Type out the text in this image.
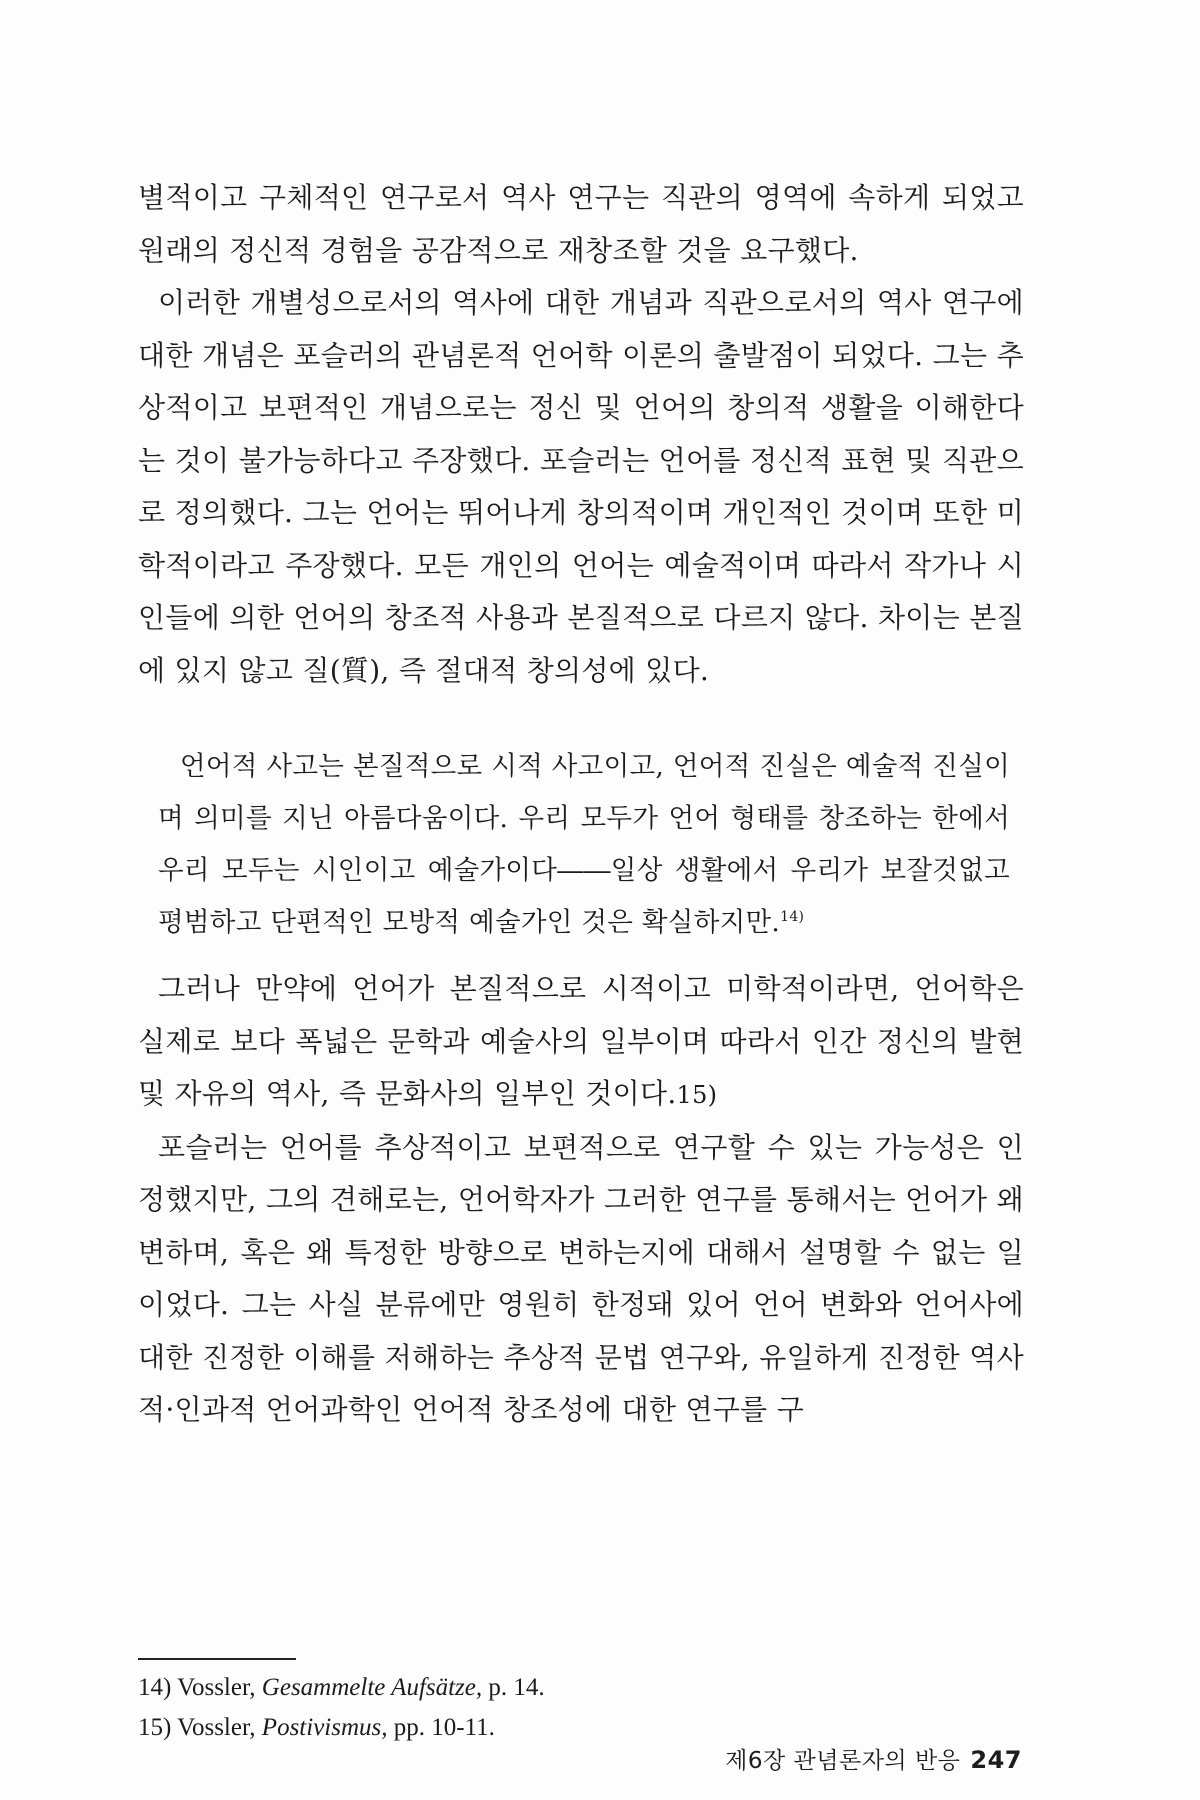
별적이고 구체적인 연구로서 역사 연구는 직관의 영역에 속하게 되었고 원래의 정신적 경험을 공감적으로 재창조할 것을 요구했다.

이러한 개별성으로서의 역사에 대한 개념과 직관으로서의 역사 연구에 대한 개념은 포슬러의 관념론적 언어학 이론의 출발점이 되었다. 그는 추상적이고 보편적인 개념으로는 정신 및 언어의 창의적 생활을 이해한다는 것이 불가능하다고 주장했다. 포슬러는 언어를 정신적 표현 및 직관으로 정의했다. 그는 언어는 뛰어나게 창의적이며 개인적인 것이며 또한 미학적이라고 주장했다. 모든 개인의 언어는 예술적이며 따라서 작가나 시인들에 의한 언어의 창조적 사용과 본질적으로 다르지 않다. 차이는 본질에 있지 않고 질(質), 즉 절대적 창의성에 있다.

언어적 사고는 본질적으로 시적 사고이고, 언어적 진실은 예술적 진실이며 의미를 지닌 아름다움이다. 우리 모두가 언어 형태를 창조하는 한에서 우리 모두는 시인이고 예술가이다――일상 생활에서 우리가 보잘것없고 평범하고 단편적인 모방적 예술가인 것은 확실하지만.$^{14)}$

그러나 만약에 언어가 본질적으로 시적이고 미학적이라면, 언어학은 실제로 보다 폭넓은 문학과 예술사의 일부이며 따라서 인간 정신의 발현 및 자유의 역사, 즉 문화사의 일부인 것이다.15)

포슬러는 언어를 추상적이고 보편적으로 연구할 수 있는 가능성은 인정했지만, 그의 견해로는, 언어학자가 그러한 연구를 통해서는 언어가 왜 변하며, 혹은 왜 특정한 방향으로 변하는지에 대해서 설명할 수 없는 일이었다. 그는 사실 분류에만 영원히 한정돼 있어 언어 변화와 언어사에 대한 진정한 이해를 저해하는 추상적 문법 연구와, 유일하게 진정한 역사적·인과적 언어과학인 언어적 창조성에 대한 연구를 구

14) Vossler, Gesammelte Aufsätze, p. 14.

15) Vossler, Postivismus, pp. 10-11.

제6장 관념론자의 반응 247
